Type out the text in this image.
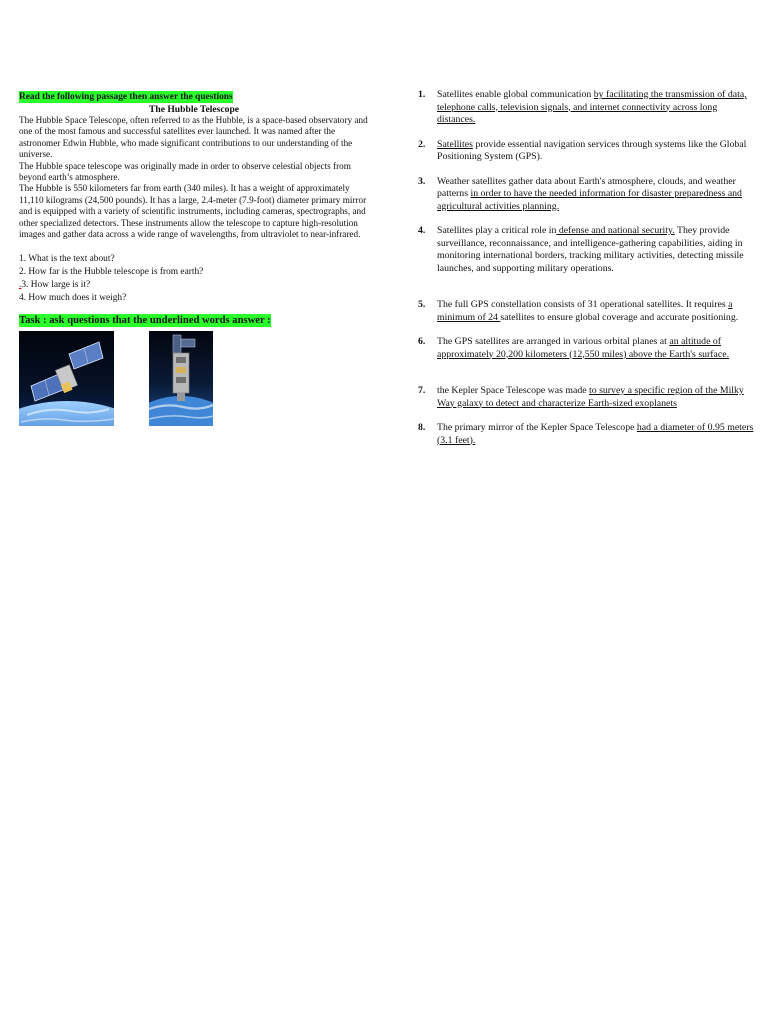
Read the following passage then answer the questions
The Hubble Telescope

The Hubble Space Telescope, often referred to as the Hubble, is a space-based observatory and one of the most famous and successful satellites ever launched. It was named after the astronomer Edwin Hubble, who made significant contributions to our understanding of the universe.

The Hubble space telescope was originally made in order to observe celestial objects from beyond earth’s atmosphere.

The Hubble is 550 kilometers far from earth (340 miles). It has a weight of approximately 11,110 kilograms (24,500 pounds). It has a large, 2.4-meter (7.9-foot) diameter primary mirror and is equipped with a variety of scientific instruments, including cameras, spectrographs, and other specialized detectors. These instruments allow the telescope to capture high-resolution images and gather data across a wide range of wavelengths, from ultraviolet to near-infrared.

1. What is the text about?
2. How far is the Hubble telescope is from earth?
.3. How large is it?
4. How much does it weigh?
Task : ask questions that the underlined words answer :
1.	Satellites enable global communication by facilitating the transmission of data, telephone calls, television signals, and internet connectivity across long distances.
2.	Satellites provide essential navigation services through systems like the Global Positioning System (GPS).
3.	Weather satellites gather data about Earth's atmosphere, clouds, and weather patterns in order to have the needed information for disaster preparedness and agricultural activities planning.
4.	Satellites play a critical role in defense and national security. They provide surveillance, reconnaissance, and intelligence-gathering capabilities, aiding in monitoring international borders, tracking military activities, detecting missile launches, and supporting military operations.
5.	The full GPS constellation consists of 31 operational satellites. It requires a minimum of 24 satellites to ensure global coverage and accurate positioning.
6.	The GPS satellites are arranged in various orbital planes at an altitude of approximately 20,200 kilometers (12,550 miles) above the Earth's surface.
7.	the Kepler Space Telescope was made to survey a specific region of the Milky Way galaxy to detect and characterize Earth-sized exoplanets
8.	The primary mirror of the Kepler Space Telescope had a diameter of 0.95 meters (3.1 feet).
